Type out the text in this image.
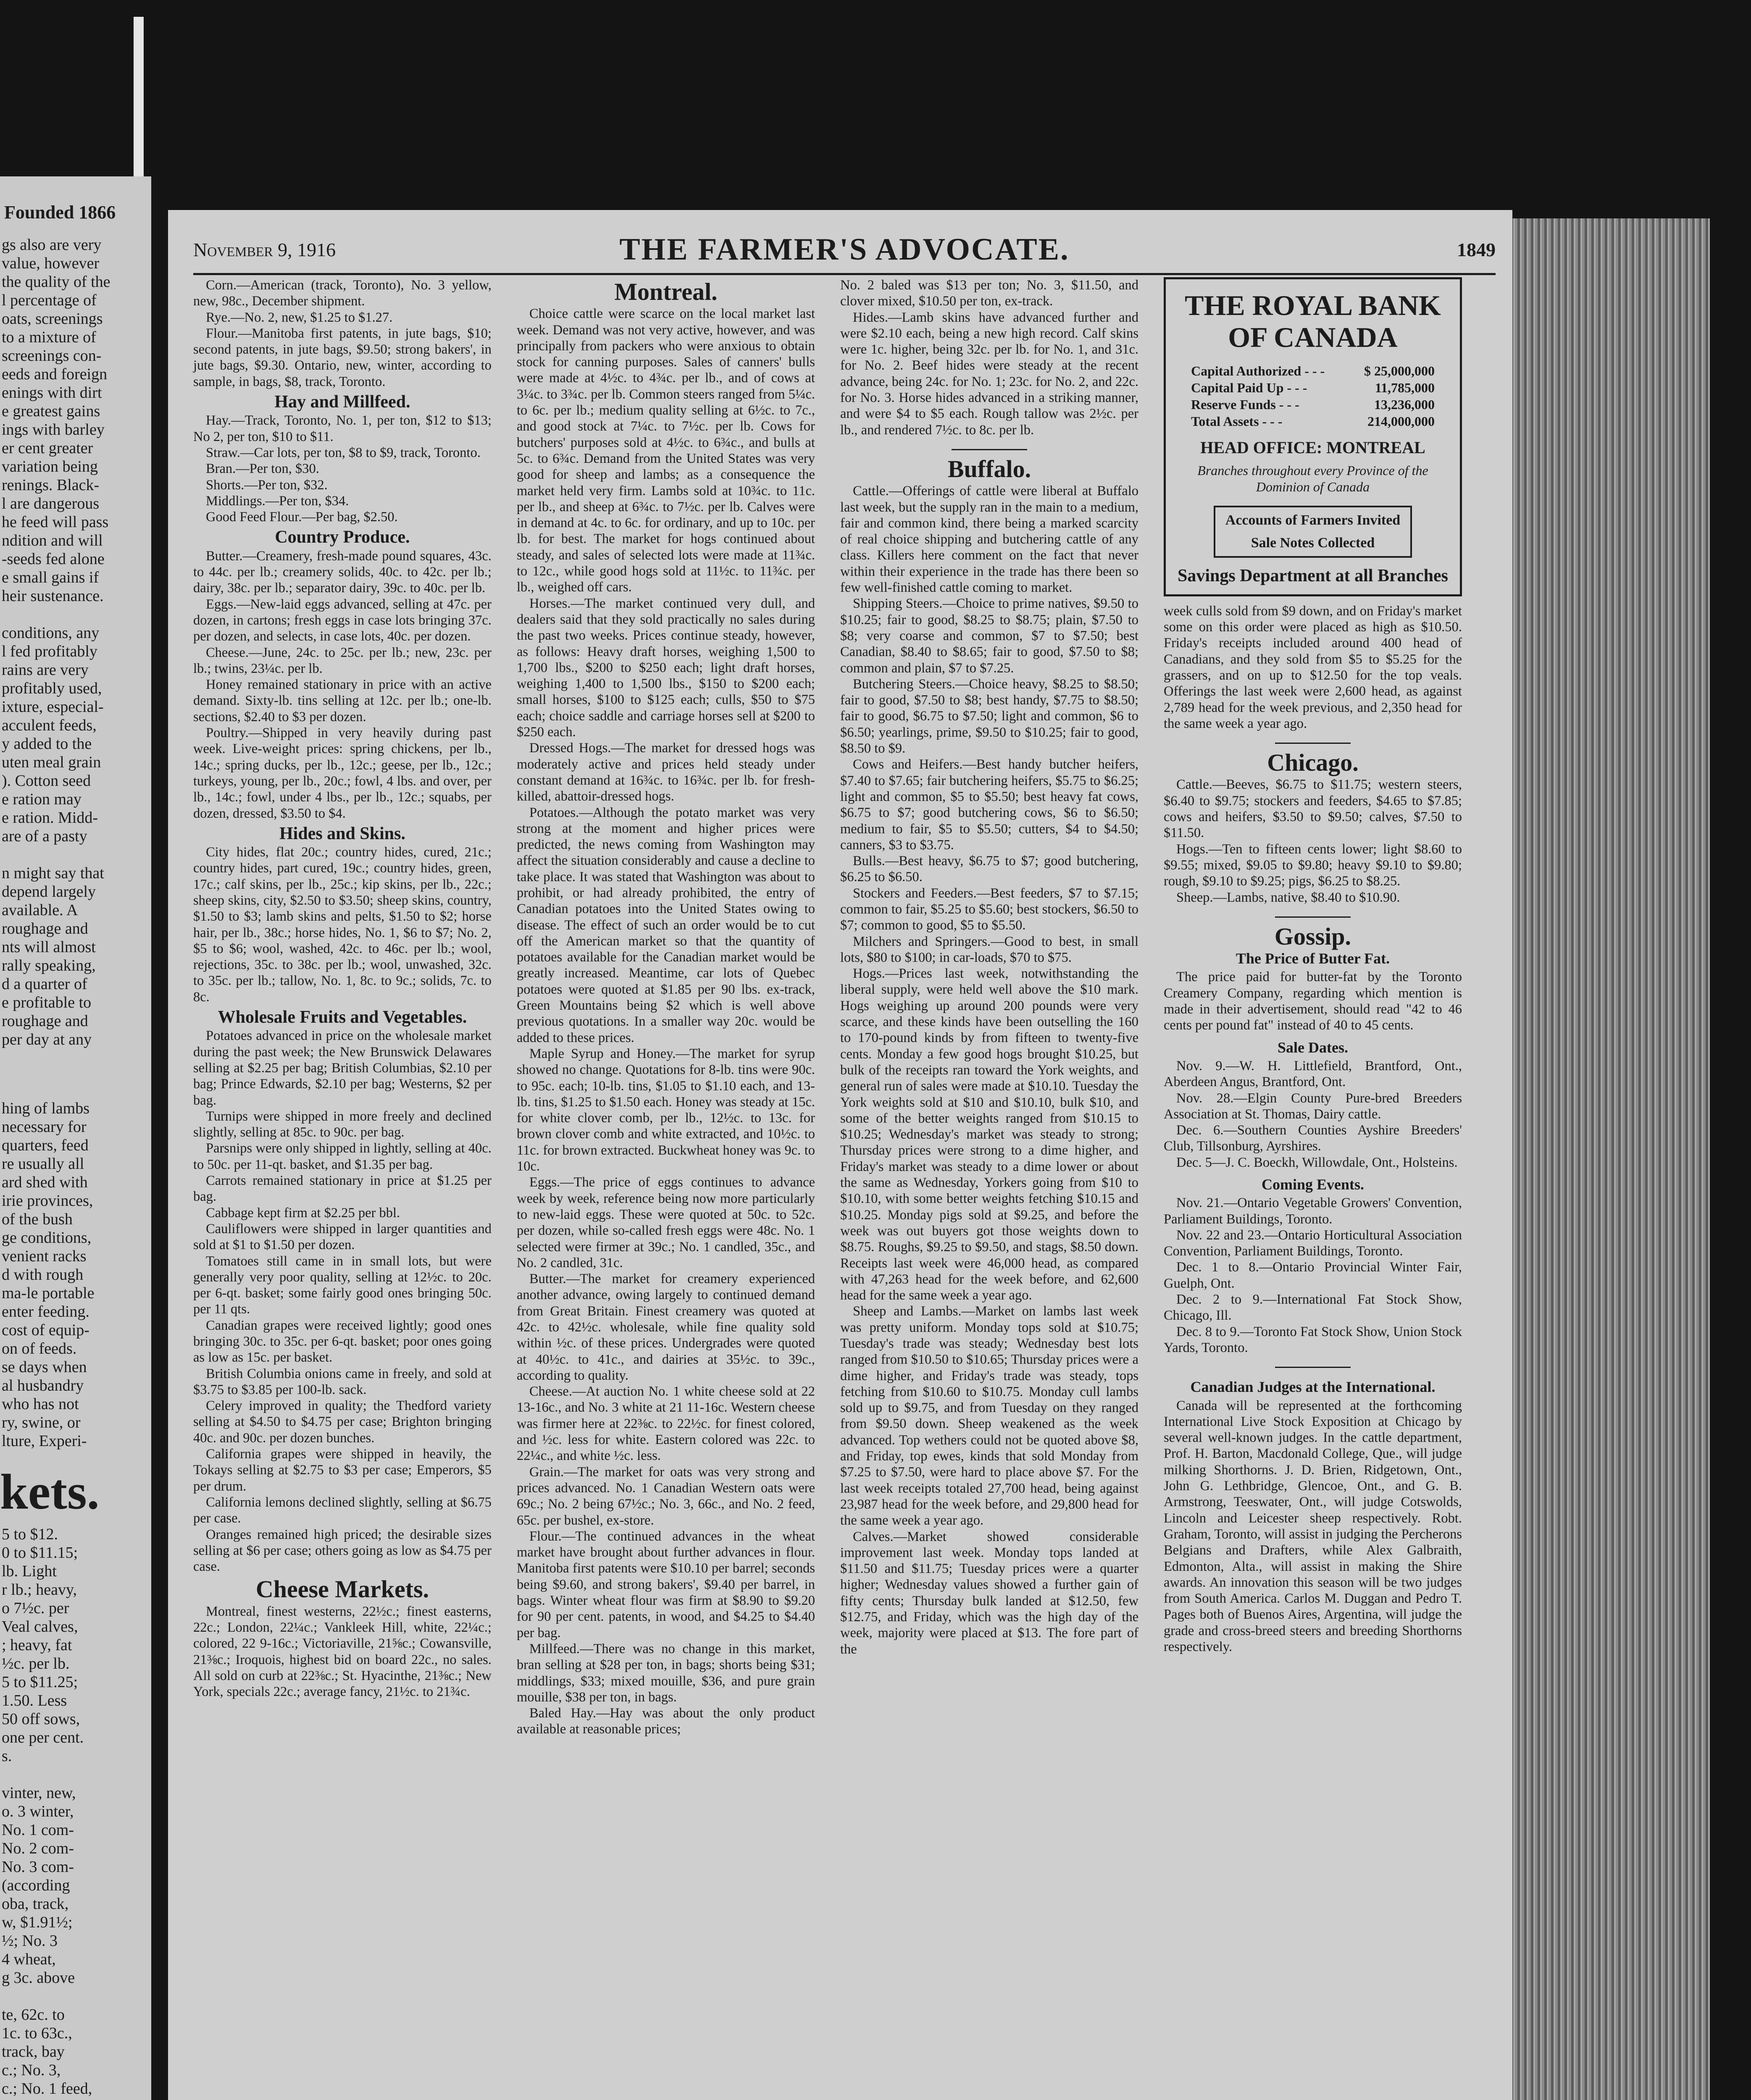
Founded 1866
gs also are very
value, however
the quality of the
l percentage of
oats, screenings
to a mixture of
screenings con-
eeds and foreign
enings with dirt
e greatest gains
ings with barley
er cent greater
variation being
renings. Black-
l are dangerous
he feed will pass
ndition and will
-seeds fed alone
e small gains if
heir sustenance.

conditions, any
l fed profitably
rains are very
profitably used,
ixture, especial-
acculent feeds,
y added to the
uten meal grain
). Cotton seed
e ration may
e ration. Midd-
are of a pasty

n might say that
depend largely
available. A
roughage and
nts will almost
rally speaking,
d a quarter of
e profitable to
roughage and
per day at any
hing of lambs
necessary for
quarters, feed
re usually all
ard shed with
irie provinces,
of the bush
ge conditions,
venient racks
d with rough
ma-le portable
enter feeding.
cost of equip-
on of feeds.
se days when
al husbandry
who has not
ry, swine, or
lture, Experi-
kets.
5 to $12.
0 to $11.15;
lb. Light
r lb.; heavy,
o 7½c. per
Veal calves,
; heavy, fat
½c. per lb.
5 to $11.25;
1.50. Less
50 off sows,
one per cent.
s.

vinter, new,
o. 3 winter,
No. 1 com-
No. 2 com-
No. 3 com-
(according
oba, track,
w, $1.91½;
½; No. 3
4 wheat,
g 3c. above

te, 62c. to
1c. to 63c.,
track, bay
c.; No. 3,
c.; No. 1 feed,

November 9, 1916	THE FARMER'S ADVOCATE.	1849

Corn.—American (track, Toronto), No. 3 yellow, new, 98c., December shipment.

Rye.—No. 2, new, $1.25 to $1.27.

Flour.—Manitoba first patents, in jute bags, $10; second patents, in jute bags, $9.50; strong bakers', in jute bags, $9.30. Ontario, new, winter, according to sample, in bags, $8, track, Toronto.

Hay and Millfeed.

Hay.—Track, Toronto, No. 1, per ton, $12 to $13; No 2, per ton, $10 to $11.

Straw.—Car lots, per ton, $8 to $9, track, Toronto.

Bran.—Per ton, $30.

Shorts.—Per ton, $32.

Middlings.—Per ton, $34.

Good Feed Flour.—Per bag, $2.50.

Country Produce.

Butter.—Creamery, fresh-made pound squares, 43c. to 44c. per lb.; creamery solids, 40c. to 42c. per lb.; dairy, 38c. per lb.; separator dairy, 39c. to 40c. per lb.

Eggs.—New-laid eggs advanced, selling at 47c. per dozen, in cartons; fresh eggs in case lots bringing 37c. per dozen, and selects, in case lots, 40c. per dozen.

Cheese.—June, 24c. to 25c. per lb.; new, 23c. per lb.; twins, 23¼c. per lb.

Honey remained stationary in price with an active demand. Sixty-lb. tins selling at 12c. per lb.; one-lb. sections, $2.40 to $3 per dozen.

Poultry.—Shipped in very heavily during past week. Live-weight prices: spring chickens, per lb., 14c.; spring ducks, per lb., 12c.; geese, per lb., 12c.; turkeys, young, per lb., 20c.; fowl, 4 lbs. and over, per lb., 14c.; fowl, under 4 lbs., per lb., 12c.; squabs, per dozen, dressed, $3.50 to $4.

Hides and Skins.

City hides, flat 20c.; country hides, cured, 21c.; country hides, part cured, 19c.; country hides, green, 17c.; calf skins, per lb., 25c.; kip skins, per lb., 22c.; sheep skins, city, $2.50 to $3.50; sheep skins, country, $1.50 to $3; lamb skins and pelts, $1.50 to $2; horse hair, per lb., 38c.; horse hides, No. 1, $6 to $7; No. 2, $5 to $6; wool, washed, 42c. to 46c. per lb.; wool, rejections, 35c. to 38c. per lb.; wool, unwashed, 32c. to 35c. per lb.; tallow, No. 1, 8c. to 9c.; solids, 7c. to 8c.

Wholesale Fruits and Vegetables.

Potatoes advanced in price on the wholesale market during the past week; the New Brunswick Delawares selling at $2.25 per bag; British Columbias, $2.10 per bag; Prince Edwards, $2.10 per bag; Westerns, $2 per bag.

Turnips were shipped in more freely and declined slightly, selling at 85c. to 90c. per bag.

Parsnips were only shipped in lightly, selling at 40c. to 50c. per 11-qt. basket, and $1.35 per bag.

Carrots remained stationary in price at $1.25 per bag.

Cabbage kept firm at $2.25 per bbl.

Cauliflowers were shipped in larger quantities and sold at $1 to $1.50 per dozen.

Tomatoes still came in in small lots, but were generally very poor quality, selling at 12½c. to 20c. per 6-qt. basket; some fairly good ones bringing 50c. per 11 qts.

Canadian grapes were received lightly; good ones bringing 30c. to 35c. per 6-qt. basket; poor ones going as low as 15c. per basket.

British Columbia onions came in freely, and sold at $3.75 to $3.85 per 100-lb. sack.

Celery improved in quality; the Thedford variety selling at $4.50 to $4.75 per case; Brighton bringing 40c. and 90c. per dozen bunches.

California grapes were shipped in heavily, the Tokays selling at $2.75 to $3 per case; Emperors, $5 per drum.

California lemons declined slightly, selling at $6.75 per case.

Oranges remained high priced; the desirable sizes selling at $6 per case; others going as low as $4.75 per case.

Cheese Markets.

Montreal, finest westerns, 22½c.; finest easterns, 22c.; London, 22¼c.; Vankleek Hill, white, 22¼c.; colored, 22 9-16c.; Victoriaville, 21⅝c.; Cowansville, 21⅜c.; Iroquois, highest bid on board 22c., no sales. All sold on curb at 22⅜c.; St. Hyacinthe, 21⅜c.; New York, specials 22c.; average fancy, 21½c. to 21¾c.

Montreal.

Choice cattle were scarce on the local market last week. Demand was not very active, however, and was principally from packers who were anxious to obtain stock for canning purposes. Sales of canners' bulls were made at 4½c. to 4¾c. per lb., and of cows at 3¼c. to 3¾c. per lb. Common steers ranged from 5¼c. to 6c. per lb.; medium quality selling at 6½c. to 7c., and good stock at 7¼c. to 7½c. per lb. Cows for butchers' purposes sold at 4½c. to 6¾c., and bulls at 5c. to 6¾c. Demand from the United States was very good for sheep and lambs; as a consequence the market held very firm. Lambs sold at 10¾c. to 11c. per lb., and sheep at 6¾c. to 7½c. per lb. Calves were in demand at 4c. to 6c. for ordinary, and up to 10c. per lb. for best. The market for hogs continued about steady, and sales of selected lots were made at 11¾c. to 12c., while good hogs sold at 11½c. to 11¾c. per lb., weighed off cars.

Horses.—The market continued very dull, and dealers said that they sold practically no sales during the past two weeks. Prices continue steady, however, as follows: Heavy draft horses, weighing 1,500 to 1,700 lbs., $200 to $250 each; light draft horses, weighing 1,400 to 1,500 lbs., $150 to $200 each; small horses, $100 to $125 each; culls, $50 to $75 each; choice saddle and carriage horses sell at $200 to $250 each.

Dressed Hogs.—The market for dressed hogs was moderately active and prices held steady under constant demand at 16¾c. to 16¾c. per lb. for fresh-killed, abattoir-dressed hogs.

Potatoes.—Although the potato market was very strong at the moment and higher prices were predicted, the news coming from Washington may affect the situation considerably and cause a decline to take place. It was stated that Washington was about to prohibit, or had already prohibited, the entry of Canadian potatoes into the United States owing to disease. The effect of such an order would be to cut off the American market so that the quantity of potatoes available for the Canadian market would be greatly increased. Meantime, car lots of Quebec potatoes were quoted at $1.85 per 90 lbs. ex-track, Green Mountains being $2 which is well above previous quotations. In a smaller way 20c. would be added to these prices.

Maple Syrup and Honey.—The market for syrup showed no change. Quotations for 8-lb. tins were 90c. to 95c. each; 10-lb. tins, $1.05 to $1.10 each, and 13-lb. tins, $1.25 to $1.50 each. Honey was steady at 15c. for white clover comb, per lb., 12½c. to 13c. for brown clover comb and white extracted, and 10½c. to 11c. for brown extracted. Buckwheat honey was 9c. to 10c.

Eggs.—The price of eggs continues to advance week by week, reference being now more particularly to new-laid eggs. These were quoted at 50c. to 52c. per dozen, while so-called fresh eggs were 48c. No. 1 selected were firmer at 39c.; No. 1 candled, 35c., and No. 2 candled, 31c.

Butter.—The market for creamery experienced another advance, owing largely to continued demand from Great Britain. Finest creamery was quoted at 42c. to 42½c. wholesale, while fine quality sold within ½c. of these prices. Undergrades were quoted at 40½c. to 41c., and dairies at 35½c. to 39c., according to quality.

Cheese.—At auction No. 1 white cheese sold at 22 13-16c., and No. 3 white at 21 11-16c. Western cheese was firmer here at 22⅜c. to 22½c. for finest colored, and ½c. less for white. Eastern colored was 22c. to 22¼c., and white ½c. less.

Grain.—The market for oats was very strong and prices advanced. No. 1 Canadian Western oats were 69c.; No. 2 being 67½c.; No. 3, 66c., and No. 2 feed, 65c. per bushel, ex-store.

Flour.—The continued advances in the wheat market have brought about further advances in flour. Manitoba first patents were $10.10 per barrel; seconds being $9.60, and strong bakers', $9.40 per barrel, in bags. Winter wheat flour was firm at $8.90 to $9.20 for 90 per cent. patents, in wood, and $4.25 to $4.40 per bag.

Millfeed.—There was no change in this market, bran selling at $28 per ton, in bags; shorts being $31; middlings, $33; mixed mouille, $36, and pure grain mouille, $38 per ton, in bags.

Baled Hay.—Hay was about the only product available at reasonable prices;

No. 2 baled was $13 per ton; No. 3, $11.50, and clover mixed, $10.50 per ton, ex-track.

Hides.—Lamb skins have advanced further and were $2.10 each, being a new high record. Calf skins were 1c. higher, being 32c. per lb. for No. 1, and 31c. for No. 2. Beef hides were steady at the recent advance, being 24c. for No. 1; 23c. for No. 2, and 22c. for No. 3. Horse hides advanced in a striking manner, and were $4 to $5 each. Rough tallow was 2½c. per lb., and rendered 7½c. to 8c. per lb.

Buffalo.

Cattle.—Offerings of cattle were liberal at Buffalo last week, but the supply ran in the main to a medium, fair and common kind, there being a marked scarcity of real choice shipping and butchering cattle of any class. Killers here comment on the fact that never within their experience in the trade has there been so few well-finished cattle coming to market.

Shipping Steers.—Choice to prime natives, $9.50 to $10.25; fair to good, $8.25 to $8.75; plain, $7.50 to $8; very coarse and common, $7 to $7.50; best Canadian, $8.40 to $8.65; fair to good, $7.50 to $8; common and plain, $7 to $7.25.

Butchering Steers.—Choice heavy, $8.25 to $8.50; fair to good, $7.50 to $8; best handy, $7.75 to $8.50; fair to good, $6.75 to $7.50; light and common, $6 to $6.50; yearlings, prime, $9.50 to $10.25; fair to good, $8.50 to $9.

Cows and Heifers.—Best handy butcher heifers, $7.40 to $7.65; fair butchering heifers, $5.75 to $6.25; light and common, $5 to $5.50; best heavy fat cows, $6.75 to $7; good butchering cows, $6 to $6.50; medium to fair, $5 to $5.50; cutters, $4 to $4.50; canners, $3 to $3.75.

Bulls.—Best heavy, $6.75 to $7; good butchering, $6.25 to $6.50.

Stockers and Feeders.—Best feeders, $7 to $7.15; common to fair, $5.25 to $5.60; best stockers, $6.50 to $7; common to good, $5 to $5.50.

Milchers and Springers.—Good to best, in small lots, $80 to $100; in car-loads, $70 to $75.

Hogs.—Prices last week, notwithstanding the liberal supply, were held well above the $10 mark. Hogs weighing up around 200 pounds were very scarce, and these kinds have been outselling the 160 to 170-pound kinds by from fifteen to twenty-five cents. Monday a few good hogs brought $10.25, but bulk of the receipts ran toward the York weights, and general run of sales were made at $10.10. Tuesday the York weights sold at $10 and $10.10, bulk $10, and some of the better weights ranged from $10.15 to $10.25; Wednesday's market was steady to strong; Thursday prices were strong to a dime higher, and Friday's market was steady to a dime lower or about the same as Wednesday, Yorkers going from $10 to $10.10, with some better weights fetching $10.15 and $10.25. Monday pigs sold at $9.25, and before the week was out buyers got those weights down to $8.75. Roughs, $9.25 to $9.50, and stags, $8.50 down. Receipts last week were 46,000 head, as compared with 47,263 head for the week before, and 62,600 head for the same week a year ago.

Sheep and Lambs.—Market on lambs last week was pretty uniform. Monday tops sold at $10.75; Tuesday's trade was steady; Wednesday best lots ranged from $10.50 to $10.65; Thursday prices were a dime higher, and Friday's trade was steady, tops fetching from $10.60 to $10.75. Monday cull lambs sold up to $9.75, and from Tuesday on they ranged from $9.50 down. Sheep weakened as the week advanced. Top wethers could not be quoted above $8, and Friday, top ewes, kinds that sold Monday from $7.25 to $7.50, were hard to place above $7. For the last week receipts totaled 27,700 head, being against 23,987 head for the week before, and 29,800 head for the same week a year ago.

Calves.—Market showed considerable improvement last week. Monday tops landed at $11.50 and $11.75; Tuesday prices were a quarter higher; Wednesday values showed a further gain of fifty cents; Thursday bulk landed at $12.50, few $12.75, and Friday, which was the high day of the week, majority were placed at $13. The fore part of the

THE ROYAL BANK
OF CANADA
Capital Authorized - - -	$ 25,000,000
Capital Paid Up - - -	11,785,000
Reserve Funds - - -	13,236,000
Total Assets - - -	214,000,000
HEAD OFFICE: MONTREAL
Branches throughout every Province of the Dominion of Canada
Accounts of Farmers Invited
Sale Notes Collected
Savings Department at all Branches

week culls sold from $9 down, and on Friday's market some on this order were placed as high as $10.50. Friday's receipts included around 400 head of Canadians, and they sold from $5 to $5.25 for the grassers, and on up to $12.50 for the top veals. Offerings the last week were 2,600 head, as against 2,789 head for the week previous, and 2,350 head for the same week a year ago.

Chicago.

Cattle.—Beeves, $6.75 to $11.75; western steers, $6.40 to $9.75; stockers and feeders, $4.65 to $7.85; cows and heifers, $3.50 to $9.50; calves, $7.50 to $11.50.

Hogs.—Ten to fifteen cents lower; light $8.60 to $9.55; mixed, $9.05 to $9.80; heavy $9.10 to $9.80; rough, $9.10 to $9.25; pigs, $6.25 to $8.25.

Sheep.—Lambs, native, $8.40 to $10.90.

Gossip.
The Price of Butter Fat.

The price paid for butter-fat by the Toronto Creamery Company, regarding which mention is made in their advertisement, should read "42 to 46 cents per pound fat" instead of 40 to 45 cents.

Sale Dates.

Nov. 9.—W. H. Littlefield, Brantford, Ont., Aberdeen Angus, Brantford, Ont.

Nov. 28.—Elgin County Pure-bred Breeders Association at St. Thomas, Dairy cattle.

Dec. 6.—Southern Counties Ayshire Breeders' Club, Tillsonburg, Ayrshires.

Dec. 5—J. C. Boeckh, Willowdale, Ont., Holsteins.

Coming Events.

Nov. 21.—Ontario Vegetable Growers' Convention, Parliament Buildings, Toronto.

Nov. 22 and 23.—Ontario Horticultural Association Convention, Parliament Buildings, Toronto.

Dec. 1 to 8.—Ontario Provincial Winter Fair, Guelph, Ont.

Dec. 2 to 9.—International Fat Stock Show, Chicago, Ill.

Dec. 8 to 9.—Toronto Fat Stock Show, Union Stock Yards, Toronto.

Canadian Judges at the International.

Canada will be represented at the forthcoming International Live Stock Exposition at Chicago by several well-known judges. In the cattle department, Prof. H. Barton, Macdonald College, Que., will judge milking Shorthorns. J. D. Brien, Ridgetown, Ont., John G. Lethbridge, Glencoe, Ont., and G. B. Armstrong, Teeswater, Ont., will judge Cotswolds, Lincoln and Leicester sheep respectively. Robt. Graham, Toronto, will assist in judging the Percherons Belgians and Drafters, while Alex Galbraith, Edmonton, Alta., will assist in making the Shire awards. An innovation this season will be two judges from South America. Carlos M. Duggan and Pedro T. Pages both of Buenos Aires, Argentina, will judge the grade and cross-breed steers and breeding Shorthorns respectively.
